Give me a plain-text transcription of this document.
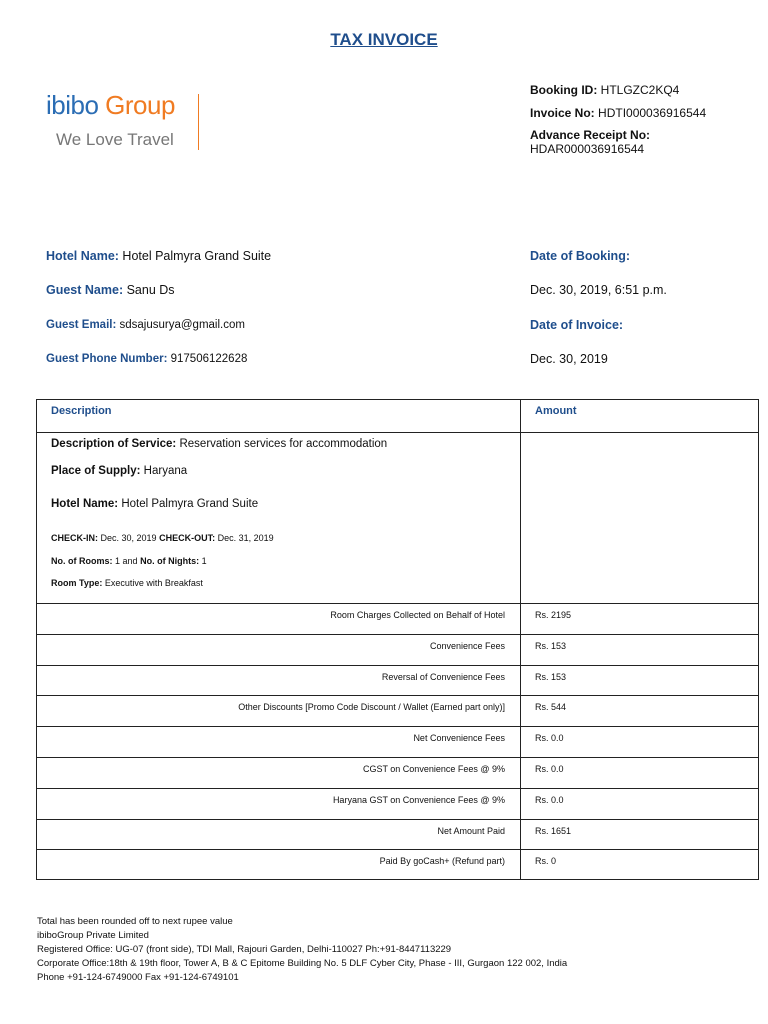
TAX INVOICE
ibibo Group
We Love Travel
Booking ID: HTLGZC2KQ4
Invoice No: HDTI000036916544
Advance Receipt No:
HDAR000036916544
Hotel Name: Hotel Palmyra Grand Suite
Guest Name: Sanu Ds
Guest Email: sdsajusurya@gmail.com
Guest Phone Number: 917506122628
Date of Booking:
Dec. 30, 2019, 6:51 p.m.
Date of Invoice:
Dec. 30, 2019
Description	Amount
Description of Service: Reservation services for accommodation
Place of Supply: Haryana
Hotel Name: Hotel Palmyra Grand Suite
CHECK-IN: Dec. 30, 2019 CHECK-OUT: Dec. 31, 2019
No. of Rooms: 1 and No. of Nights: 1
Room Type: Executive with Breakfast
Room Charges Collected on Behalf of Hotel	Rs. 2195
Convenience Fees	Rs. 153
Reversal of Convenience Fees	Rs. 153
Other Discounts [Promo Code Discount / Wallet (Earned part only)]	Rs. 544
Net Convenience Fees	Rs. 0.0
CGST on Convenience Fees @ 9%	Rs. 0.0
Haryana GST on Convenience Fees @ 9%	Rs. 0.0
Net Amount Paid	Rs. 1651
Paid By goCash+ (Refund part)	Rs. 0
Total has been rounded off to next rupee value
ibiboGroup Private Limited
Registered Office: UG-07 (front side), TDI Mall, Rajouri Garden, Delhi-110027 Ph:+91-8447113229
Corporate Office:18th & 19th floor, Tower A, B & C Epitome Building No. 5 DLF Cyber City, Phase - III, Gurgaon 122 002, India
Phone +91-124-6749000 Fax +91-124-6749101
